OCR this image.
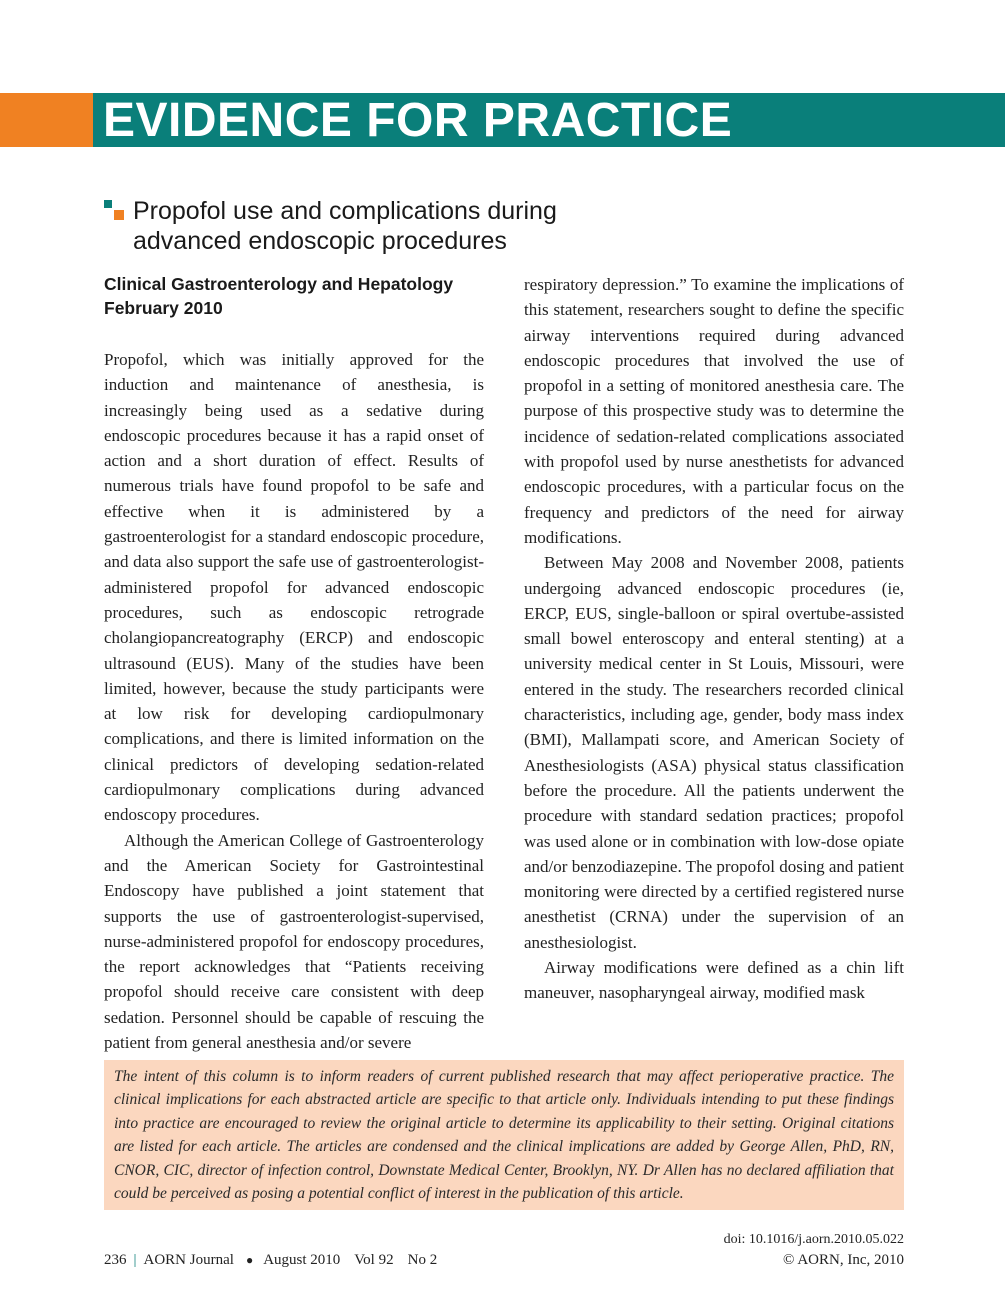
EVIDENCE FOR PRACTICE
Propofol use and complications during advanced endoscopic procedures
Clinical Gastroenterology and Hepatology
February 2010

Propofol, which was initially approved for the induction and maintenance of anesthesia, is increasingly being used as a sedative during endoscopic procedures because it has a rapid onset of action and a short duration of effect. Results of numerous trials have found propofol to be safe and effective when it is administered by a gastroenterologist for a standard endoscopic procedure, and data also support the safe use of gastroenterologist-administered propofol for advanced endoscopic procedures, such as endoscopic retrograde cholangiopancreatography (ERCP) and endoscopic ultrasound (EUS). Many of the studies have been limited, however, because the study participants were at low risk for developing cardiopulmonary complications, and there is limited information on the clinical predictors of developing sedation-related cardiopulmonary complications during advanced endoscopy procedures.

Although the American College of Gastroenterology and the American Society for Gastrointestinal Endoscopy have published a joint statement that supports the use of gastroenterologist-supervised, nurse-administered propofol for endoscopy procedures, the report acknowledges that “Patients receiving propofol should receive care consistent with deep sedation. Personnel should be capable of rescuing the patient from general anesthesia and/or severe

respiratory depression.” To examine the implications of this statement, researchers sought to define the specific airway interventions required during advanced endoscopic procedures that involved the use of propofol in a setting of monitored anesthesia care. The purpose of this prospective study was to determine the incidence of sedation-related complications associated with propofol used by nurse anesthetists for advanced endoscopic procedures, with a particular focus on the frequency and predictors of the need for airway modifications.

Between May 2008 and November 2008, patients undergoing advanced endoscopic procedures (ie, ERCP, EUS, single-balloon or spiral overtube-assisted small bowel enteroscopy and enteral stenting) at a university medical center in St Louis, Missouri, were entered in the study. The researchers recorded clinical characteristics, including age, gender, body mass index (BMI), Mallampati score, and American Society of Anesthesiologists (ASA) physical status classification before the procedure. All the patients underwent the procedure with standard sedation practices; propofol was used alone or in combination with low-dose opiate and/or benzodiazepine. The propofol dosing and patient monitoring were directed by a certified registered nurse anesthetist (CRNA) under the supervision of an anesthesiologist.

Airway modifications were defined as a chin lift maneuver, nasopharyngeal airway, modified mask

The intent of this column is to inform readers of current published research that may affect perioperative practice. The clinical implications for each abstracted article are specific to that article only. Individuals intending to put these findings into practice are encouraged to review the original article to determine its applicability to their setting. Original citations are listed for each article. The articles are condensed and the clinical implications are added by George Allen, PhD, RN, CNOR, CIC, director of infection control, Downstate Medical Center, Brooklyn, NY. Dr Allen has no declared affiliation that could be perceived as posing a potential conflict of interest in the publication of this article.

236 | AORN Journal ● August 2010 Vol 92 No 2
doi: 10.1016/j.aorn.2010.05.022
© AORN, Inc, 2010
